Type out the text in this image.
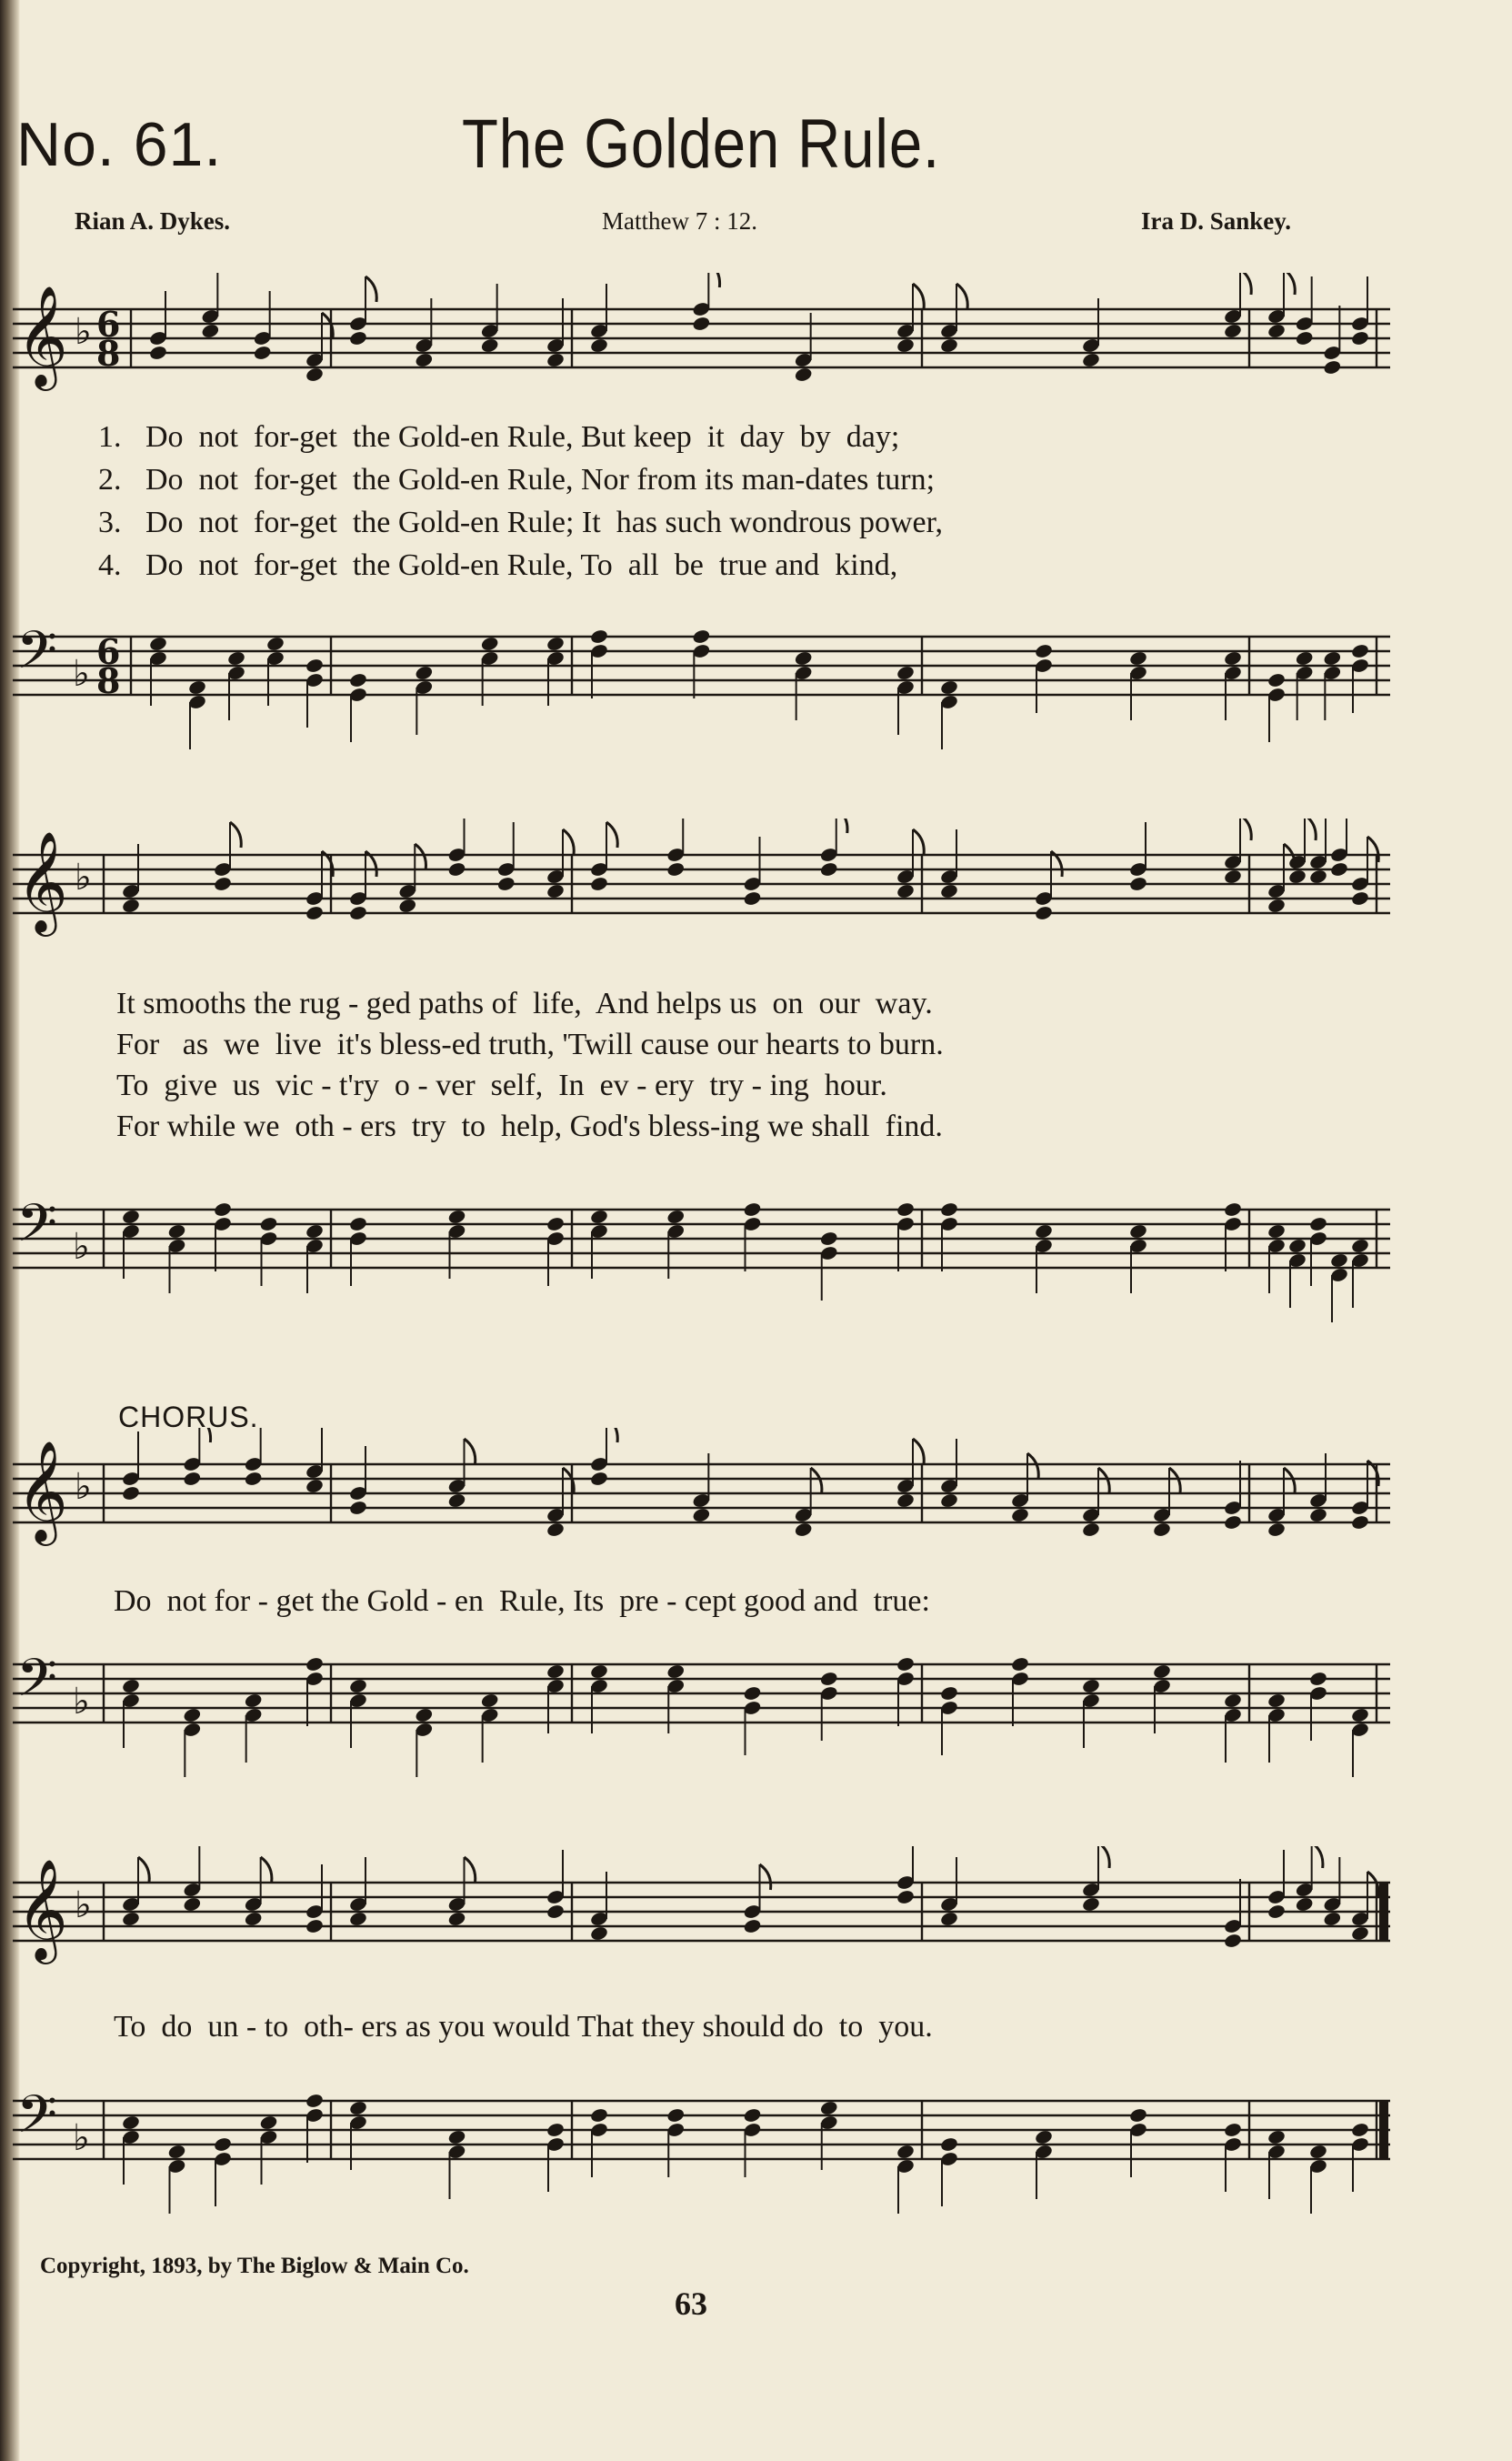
No. 61.	The Golden Rule.
Rian A. Dykes.	Matthew 7 : 12.	Ira D. Sankey.
𝄞 ♭ 6
8
1. Do  not  for-get  the Gold-en Rule, But keep  it  day  by  day;
2. Do  not  for-get  the Gold-en Rule, Nor from its man-dates turn;
3. Do  not  for-get  the Gold-en Rule; It  has such wondrous power,
4. Do  not  for-get  the Gold-en Rule, To  all  be  true and  kind,
𝄢 ♭
6
8
𝄞 ♭
It smooths the rug - ged paths of  life,  And helps us  on  our  way.
For   as  we  live  it's bless-ed truth, 'Twill cause our hearts to burn.
To  give  us  vic - t'ry  o - ver  self,  In  ev - ery  try - ing  hour.
For while we  oth - ers  try  to  help, God's bless-ing we shall  find.
𝄢 ♭
CHORUS.
𝄞 ♭
Do  not for - get the Gold - en  Rule, Its  pre - cept good and  true:
𝄢 ♭
𝄞 ♭
To  do  un - to  oth- ers as you would That they should do  to  you.
𝄢 ♭
Copyright, 1893, by The Biglow & Main Co.
63
